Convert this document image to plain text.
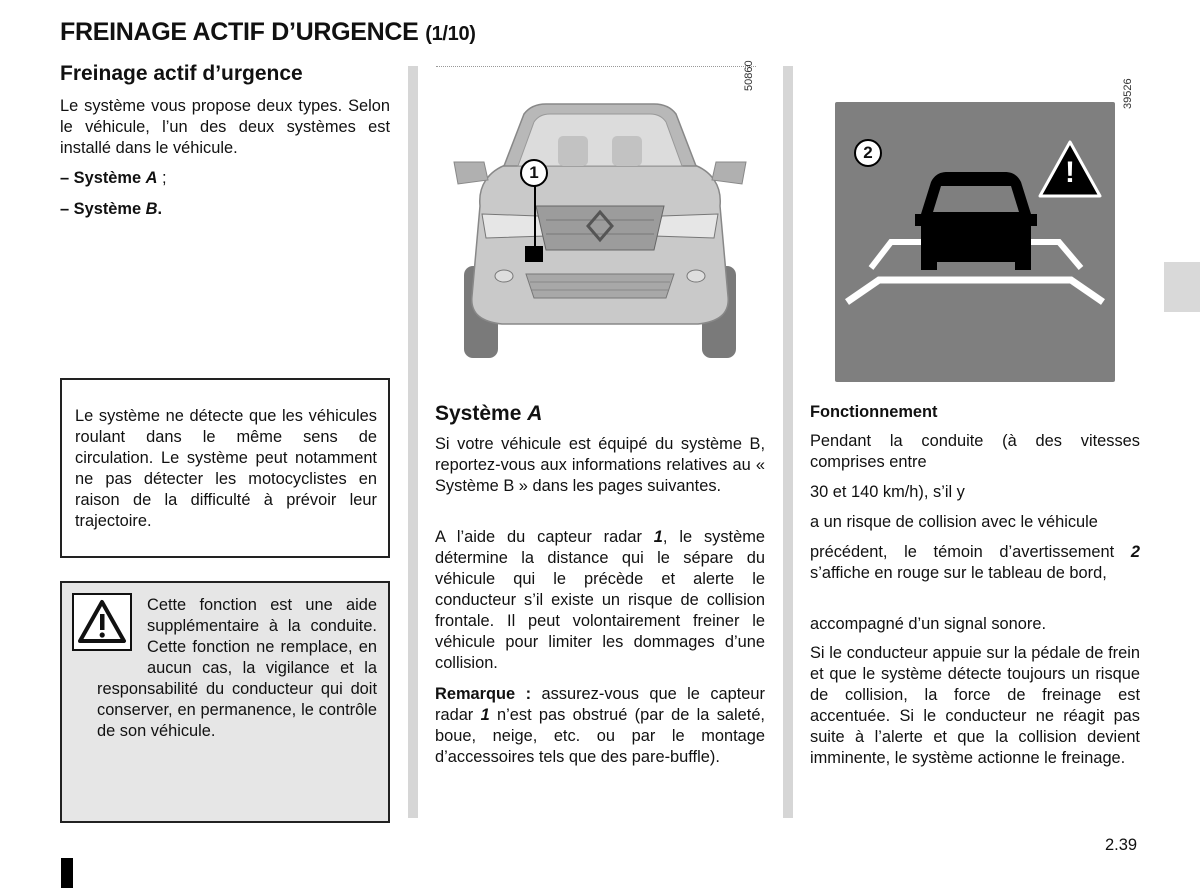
FREINAGE ACTIF D’URGENCE (1/10)
Freinage actif d’urgence
Le système vous propose deux types. Selon le véhicule, l’un des deux systèmes est installé dans le véhicule.
– Système A ;
– Système B.
Le système ne détecte que les véhicules roulant dans le même sens de circulation. Le système peut notamment ne pas détecter les motocyclistes en raison de la difficulté à prévoir leur trajectoire.
Cette fonction est une aide supplémentaire à la conduite. Cette fonction ne remplace, en aucun cas, la vigilance et la responsabilité du conducteur qui doit conserver, en permanence, le contrôle de son véhicule.
1
50860
39526
!
2
Système A
Si votre véhicule est équipé du système B, reportez-vous aux informations relatives au « Système B » dans les pages suivantes.
A l’aide du capteur radar 1, le système détermine la distance qui le sépare du véhicule qui le précède et alerte le conducteur s’il existe un risque de collision frontale. Il peut volontairement freiner le véhicule pour limiter les dommages d’une collision.
Remarque : assurez-vous que le capteur radar 1 n’est pas obstrué (par de la saleté, boue, neige, etc. ou par le montage d’accessoires tels que des pare-buffle).
Fonctionnement
Pendant la conduite (à des vitesses comprises entre
30 et 140 km/h), s’il y
a un risque de collision avec le véhicule
précédent, le témoin d’avertissement 2 s’affiche en rouge sur le tableau de bord,
accompagné d’un signal sonore.
Si le conducteur appuie sur la pédale de frein et que le système détecte toujours un risque de collision, la force de freinage est accentuée. Si le conducteur ne réagit pas suite à l’alerte et que la collision devient imminente, le système actionne le freinage.
2.39
